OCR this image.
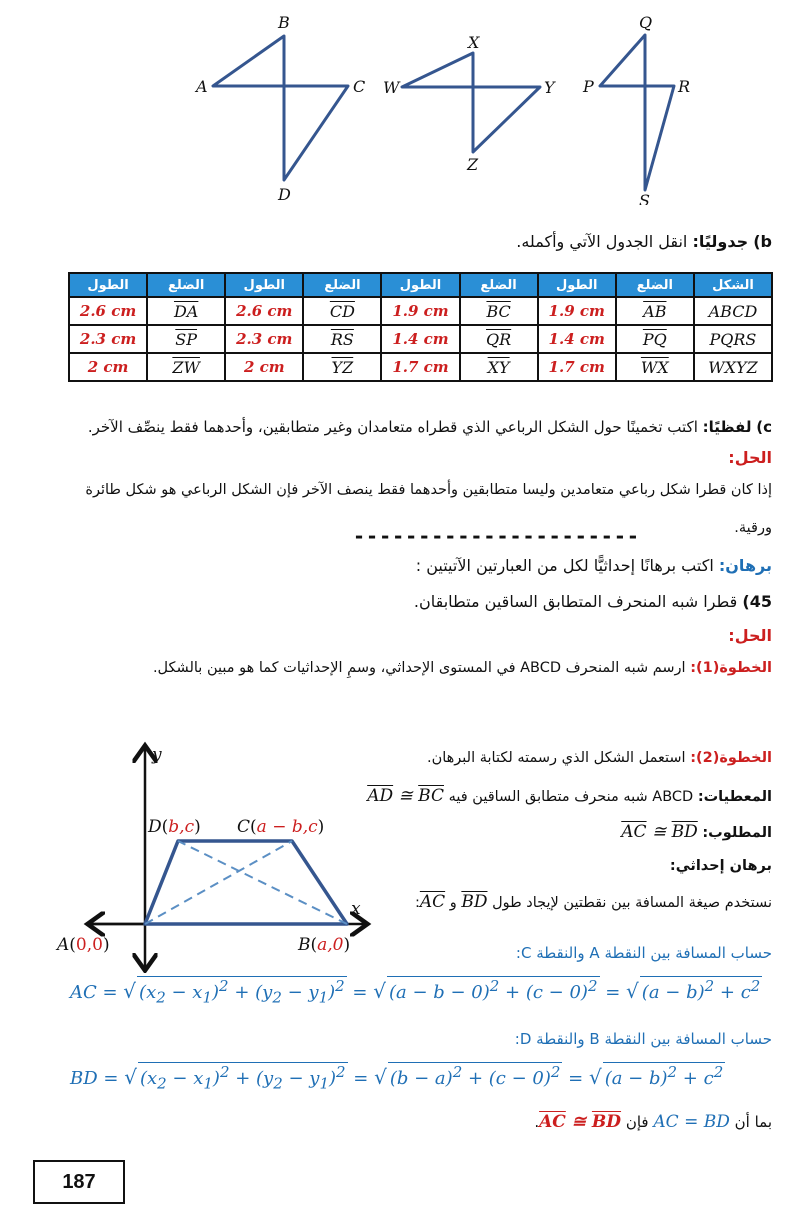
B
A	C
D
X
W	Y
Z
Q
P	R
S
b) جدوليًا: انقل الجدول الآتي وأكمله.
الطول	الضلع	الطول	الضلع	الطول	الضلع	الطول	الضلع	الشكل
2.6 cm	$\overline{DA}$	2.6 cm	$\overline{CD}$	1.9 cm	$\overline{BC}$	1.9 cm	$\overline{AB}$	ABCD
2.3 cm	$\overline{SP}$	2.3 cm	$\overline{RS}$	1.4 cm	$\overline{QR}$	1.4 cm	$\overline{PQ}$	PQRS
2 cm	$\overline{ZW}$	2 cm	$\overline{YZ}$	1.7 cm	$\overline{XY}$	1.7 cm	$\overline{WX}$	WXYZ
c) لفظيًا: اكتب تخمينًا حول الشكل الرباعي الذي قطراه متعامدان وغير متطابقين، وأحدهما فقط ينصِّف الآخر.
الحل:
إذا كان قطرا شكل رباعي متعامدين وليسا متطابقين وأحدهما فقط ينصف الآخر فإن الشكل الرباعي هو شكل طائرة
ورقية.
----------------------
برهان: اكتب برهانًا إحداثيًّا لكل من العبارتين الآتيتين :
45) قطرا شبه المنحرف المتطابق الساقين متطابقان.
الحل:
الخطوة(1): ارسم شبه المنحرف ABCD في المستوى الإحداثي، وسمِ الإحداثيات كما هو مبين بالشكل.
y
x
D(b,c) C(a − b,c)
A(0,0)	B(a,0)
الخطوة(2): استعمل الشكل الذي رسمته لكتابة البرهان.
المعطيات: ABCD شبه منحرف متطابق الساقين فيه $\overline{AD}$ ≅ $\overline{BC}$
المطلوب: $\overline{AC}$ ≅ $\overline{BD}$
برهان إحداثي:
نستخدم صيغة المسافة بين نقطتين لإيجاد طول $\overline{BD}$ و $\overline{AC}$:
حساب المسافة بين النقطة A والنقطة C:
AC = √ $(x_2 - x_1)^2 + (y_2 - y_1)^2$ = √ $(a - b - 0)^2 + (c - 0)^2$ = √ $(a - b)^2 + c^2$
حساب المسافة بين النقطة B والنقطة D:
BD = √ $(x_2 - x_1)^2 + (y_2 - y_1)^2$ = √ $(b - a)^2 + (c - 0)^2$ = √ $(a - b)^2 + c^2$
بما أن AC = BD فإن $\overline{AC}$ ≅ $\overline{BD}$.
187
